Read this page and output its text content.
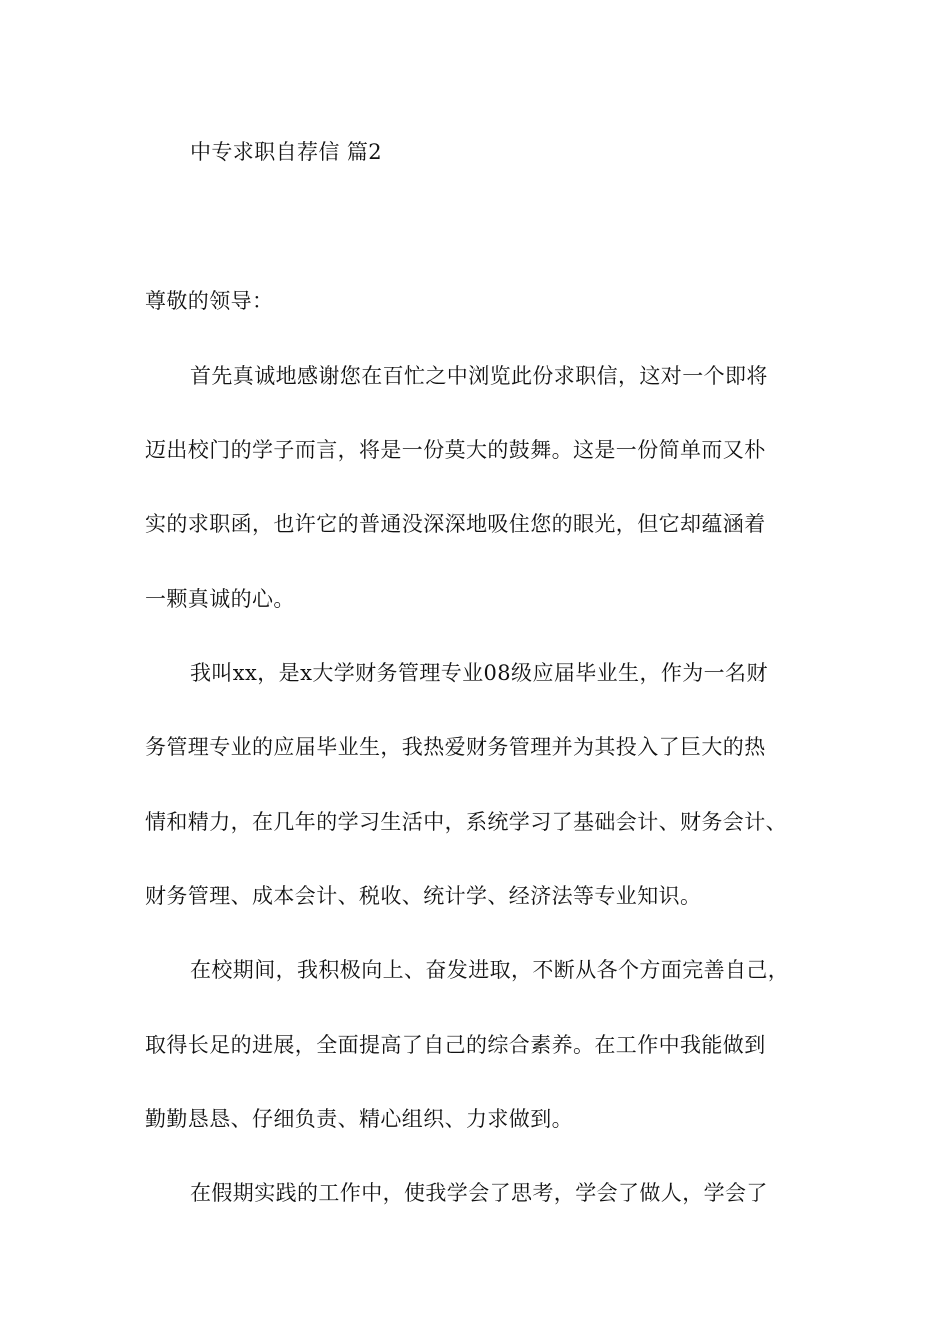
中专求职自荐信 篇2
尊敬的领导：
首先真诚地感谢您在百忙之中浏览此份求职信，这对一个即将
迈出校门的学子而言，将是一份莫大的鼓舞。这是一份简单而又朴
实的求职函，也许它的普通没深深地吸住您的眼光，但它却蕴涵着
一颗真诚的心。
我叫xx，是x大学财务管理专业08级应届毕业生，作为一名财
务管理专业的应届毕业生，我热爱财务管理并为其投入了巨大的热
情和精力，在几年的学习生活中，系统学习了基础会计、财务会计、
财务管理、成本会计、税收、统计学、经济法等专业知识。
在校期间，我积极向上、奋发进取，不断从各个方面完善自己，
取得长足的进展，全面提高了自己的综合素养。在工作中我能做到
勤勤恳恳、仔细负责、精心组织、力求做到。
在假期实践的工作中，使我学会了思考，学会了做人，学会了
